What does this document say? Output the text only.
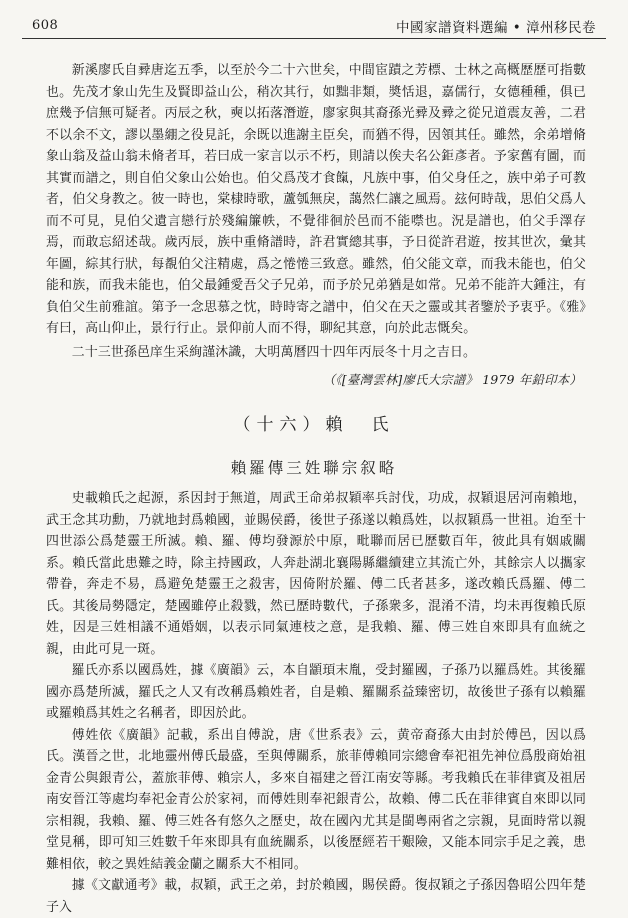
608	中國家譜資料選編 • 漳州移民卷

新溪廖氏自彛唐迄五季，以至於今二十六世矣，中間宦蹟之芳標、士林之高概歷歷可指數也。先茂才象山先生及賢即益山公，稍次其行，如黜非類，奬恬退，嘉儒行，女德種種，俱已庶幾予信無可疑者。丙辰之秋，奭以拓落潛遊，廖家與其裔孫光彛及彛之從兄道震友善，二君不以余不文，謬以墨綳之役見託，余既以進謝主臣矣，而猶不得，因領其任。雖然，余弟增脩象山翁及益山翁未脩者耳，若曰成一家言以示不朽，則請以俟夫名公鉅彥者。予家舊有圖，而其實而譜之，則自伯父象山公始也。伯父爲茂才食餼，凡族中事，伯父身任之，族中弟子可教者，伯父身教之。彼一時也，棠棣時歌，蘆瓠無戾，藹然仁讓之風焉。玆何時哉，思伯父爲人而不可見，見伯父遺言戀行於殘編簾帙，不覺徘徊於邑而不能噤也。況是譜也，伯父手澤存焉，而敢忘紹述哉。歲丙辰，族中重脩譜時，許君實總其事，予日從許君遊，按其世次，彙其年圖，綜其行狀，每覩伯父注精處，爲之惓惓三致意。雖然，伯父能文章，而我未能也，伯父能和族，而我未能也，伯父最鍾愛吾父子兄弟，而予於兄弟猶是如常。兄弟不能許大鍾注，有負伯父生前雅誼。第予一念思慕之忱，時時寄之譜中，伯父在天之靈或其者鑒於予衷乎。《雅》有曰，高山仰止，景行行止。景仰前人而不得，聊紀其意，向於此志慨矣。

二十三世孫邑庠生采絢謹沐識，大明萬曆四十四年丙辰冬十月之吉日。

（《[臺灣雲林]廖氏大宗譜》 1979 年鉛印本）
（十六）賴　氏
賴羅傳三姓聯宗叙略

史載賴氏之起源，系因封于無道，周武王命弟叔穎率兵討伐，功成，叔穎退居河南賴地，武王念其功勳，乃就地封爲賴國，並賜侯爵，後世子孫遂以賴爲姓，以叔穎爲一世祖。迨至十四世添公爲楚靈王所滅。賴、羅、傅均發源於中原，毗聯而居已歷數百年，彼此具有姻戚關系。賴氏當此患難之時，除主持國政，人奔赴湖北襄陽縣繼續建立其流亡外，其餘宗人以攜家帶眷，奔走不易，爲避免楚靈王之殺害，因倚附於羅、傅二氏者甚多，遂改賴氏爲羅、傅二氏。其後局勢隱定，楚國雖停止殺戮，然已歷時數代，子孫衆多，混淆不清，均未再復賴氏原姓，因是三姓相議不通婚姻，以表示同氣連枝之意，是我賴、羅、傅三姓自來即具有血統之親，由此可見一斑。

羅氏亦系以國爲姓，據《廣韻》云，本自顓頊末胤，受封羅國，子孫乃以羅爲姓。其後羅國亦爲楚所滅，羅氏之人又有改稱爲賴姓者，自是賴、羅關系益臻密切，故後世子孫有以賴羅或羅賴爲其姓之名稱者，即因於此。

傅姓依《廣韻》記載，系出自傅說，唐《世系表》云，黄帝裔孫大由封於傅邑，因以爲氏。漢晉之世，北地靈州傅氏最盛，至與傅關系，旅菲傅賴同宗總會奉祀祖先神位爲殷商始祖金青公與銀青公，蓋旅菲傅、賴宗人，多來自福建之晉江南安等縣。考我賴氏在菲律賓及祖居南安晉江等處均奉祀金青公於家祠，而傅姓則奉祀銀青公，故賴、傅二氏在菲律賓自來即以同宗相親，我賴、羅、傅三姓各有悠久之歷史，故在國內尤其是閩粵兩省之宗親，見面時常以親堂見稱，即可知三姓數千年來即具有血統關系，以後歷經若干艱險，又能本同宗手足之義，患難相依，較之異姓結義金蘭之關系大不相同。

據《文獻通考》載，叔穎，武王之弟，封於賴國，賜侯爵。復叔穎之子孫因魯昭公四年楚子入
